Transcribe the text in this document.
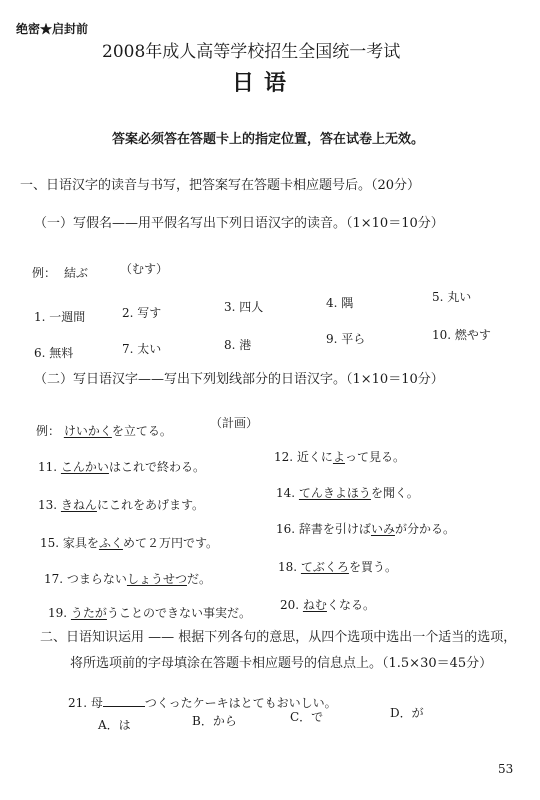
绝密★启封前
2008年成人高等学校招生全国统一考试
日语
答案必须答在答题卡上的指定位置，答在试卷上无效。
一、日语汉字的读音与书写，把答案写在答题卡相应题号后。（20分）
（一）写假名——用平假名写出下列日语汉字的读音。（1×10＝10分）
例： 結ぶ	（むす）
1. 一週間	2. 写す	3. 四人	4. 隅	5. 丸い
6. 無料	7. 太い	8. 港	9. 平ら	10. 燃やす
（二）写日语汉字——写出下列划线部分的日语汉字。（1×10＝10分）
例： けいかくを立てる。
（計画）
11. こんかいはこれで終わる。
13. きねんにこれをあげます。
15. 家具をふくめて２万円です。
17. つまらないしょうせつだ。
19. うたがうことのできない事実だ。
12. 近くによって見る。
14. てんきよほうを聞く。
16. 辞書を引けばいみが分かる。
18. てぶくろを買う。
20. ねむくなる。
二、日语知识运用 —— 根据下列各句的意思，从四个选项中选出一个适当的选项，
将所选项前的字母填涂在答题卡相应题号的信息点上。（1.5×30＝45分）
21. 母	つくったケーキはとてもおいしい。
A．は	B．から	C．で	D．が
53
